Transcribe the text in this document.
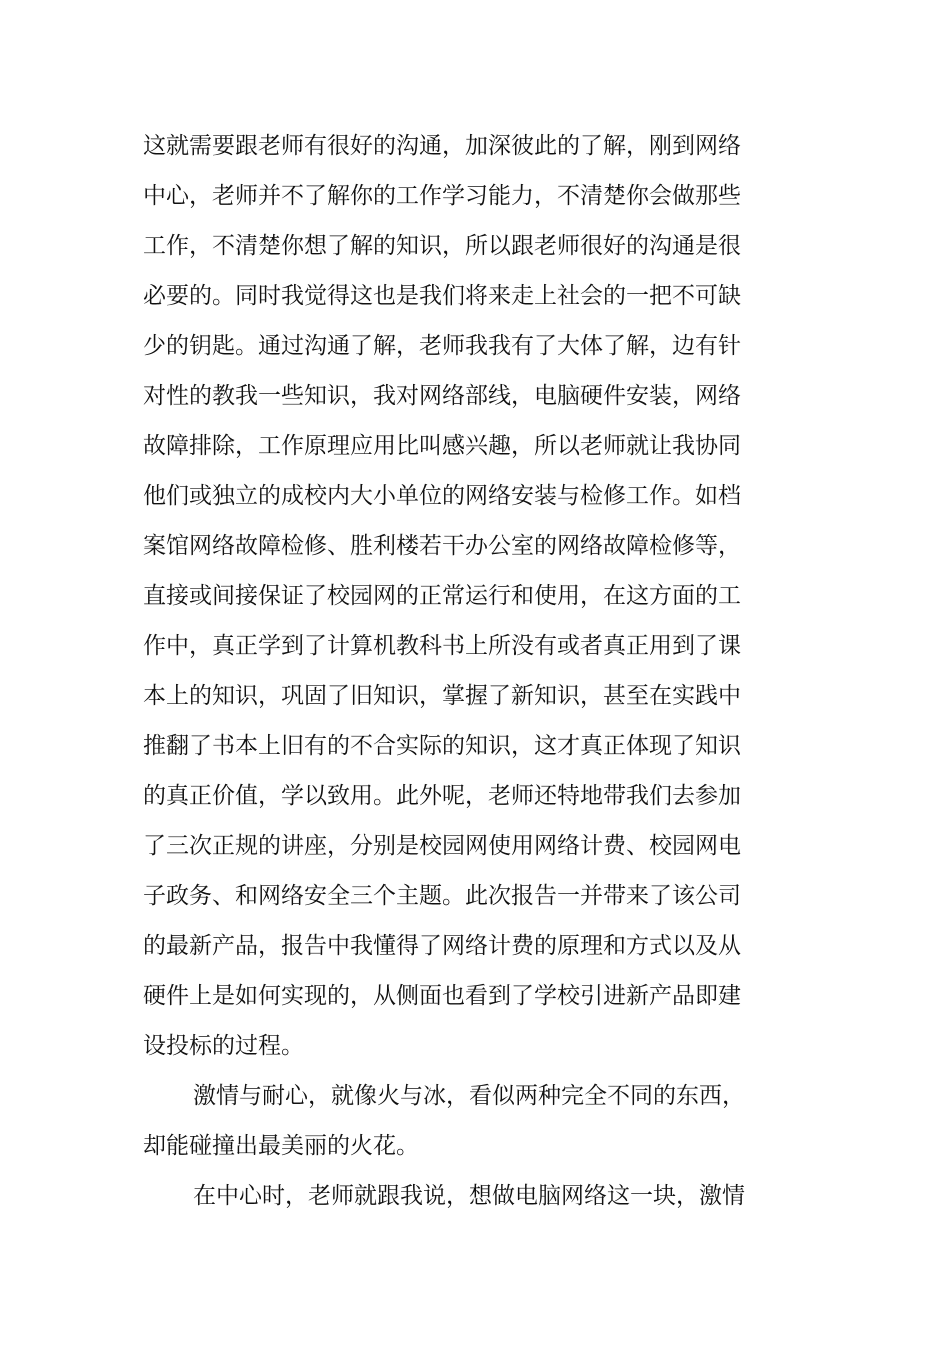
这就需要跟老师有很好的沟通，加深彼此的了解，刚到网络
中心，老师并不了解你的工作学习能力，不清楚你会做那些
工作，不清楚你想了解的知识，所以跟老师很好的沟通是很
必要的。同时我觉得这也是我们将来走上社会的一把不可缺
少的钥匙。通过沟通了解，老师我我有了大体了解，边有针
对性的教我一些知识，我对网络部线，电脑硬件安装，网络
故障排除，工作原理应用比叫感兴趣，所以老师就让我协同
他们或独立的成校内大小单位的网络安装与检修工作。如档
案馆网络故障检修、胜利楼若干办公室的网络故障检修等，
直接或间接保证了校园网的正常运行和使用，在这方面的工
作中，真正学到了计算机教科书上所没有或者真正用到了课
本上的知识，巩固了旧知识，掌握了新知识，甚至在实践中
推翻了书本上旧有的不合实际的知识，这才真正体现了知识
的真正价值，学以致用。此外呢，老师还特地带我们去参加
了三次正规的讲座，分别是校园网使用网络计费、校园网电
子政务、和网络安全三个主题。此次报告一并带来了该公司
的最新产品，报告中我懂得了网络计费的原理和方式以及从
硬件上是如何实现的，从侧面也看到了学校引进新产品即建
设投标的过程。
激情与耐心，就像火与冰，看似两种完全不同的东西，
却能碰撞出最美丽的火花。
在中心时，老师就跟我说，想做电脑网络这一块，激情
